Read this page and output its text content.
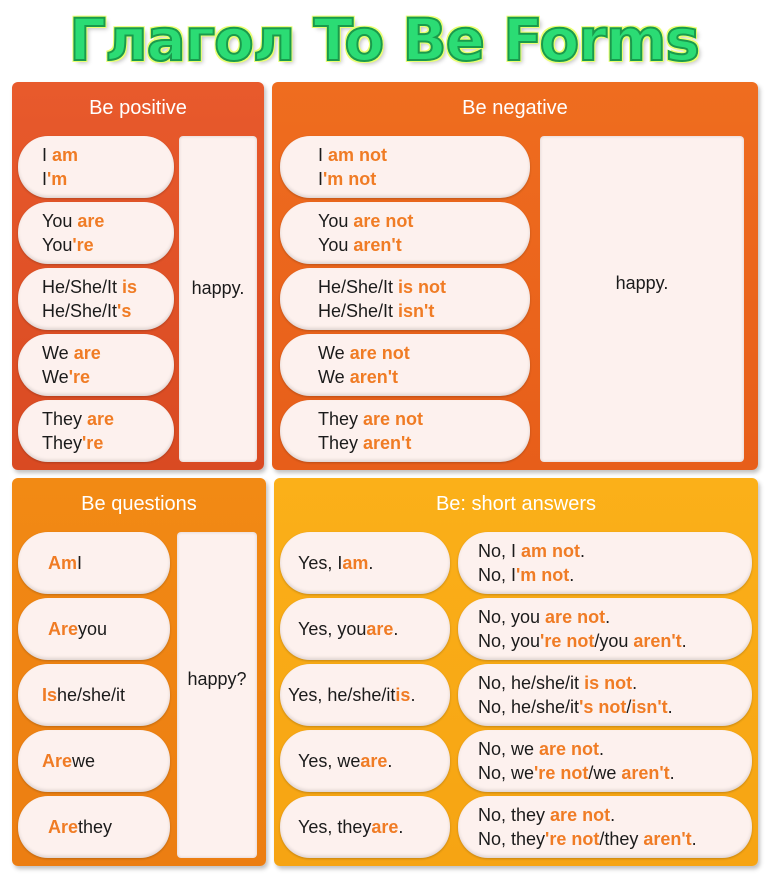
Глагол To Be Forms
Be positive
happy.
I am
I'm
You are
You're
He/She/It is
He/She/It's
We are
We're
They are
They're
Be negative
happy.
I am not
I'm not
You are not
You aren't
He/She/It is not
He/She/It isn't
We are not
We aren't
They are not
They aren't
Be questions
happy?
Am I
Are you
Is he/she/it
Are we
Are they
Be: short answers
Yes, I am .
Yes, you are .
Yes, he/she/it is .
Yes, we are .
Yes, they are .
No, I am not.
No, I'm not.
No, you are not.
No, you're not/you aren't.
No, he/she/it is not.
No, he/she/it's not/isn't.
No, we are not.
No, we're not/we aren't.
No, they are not.
No, they're not/they aren't.
